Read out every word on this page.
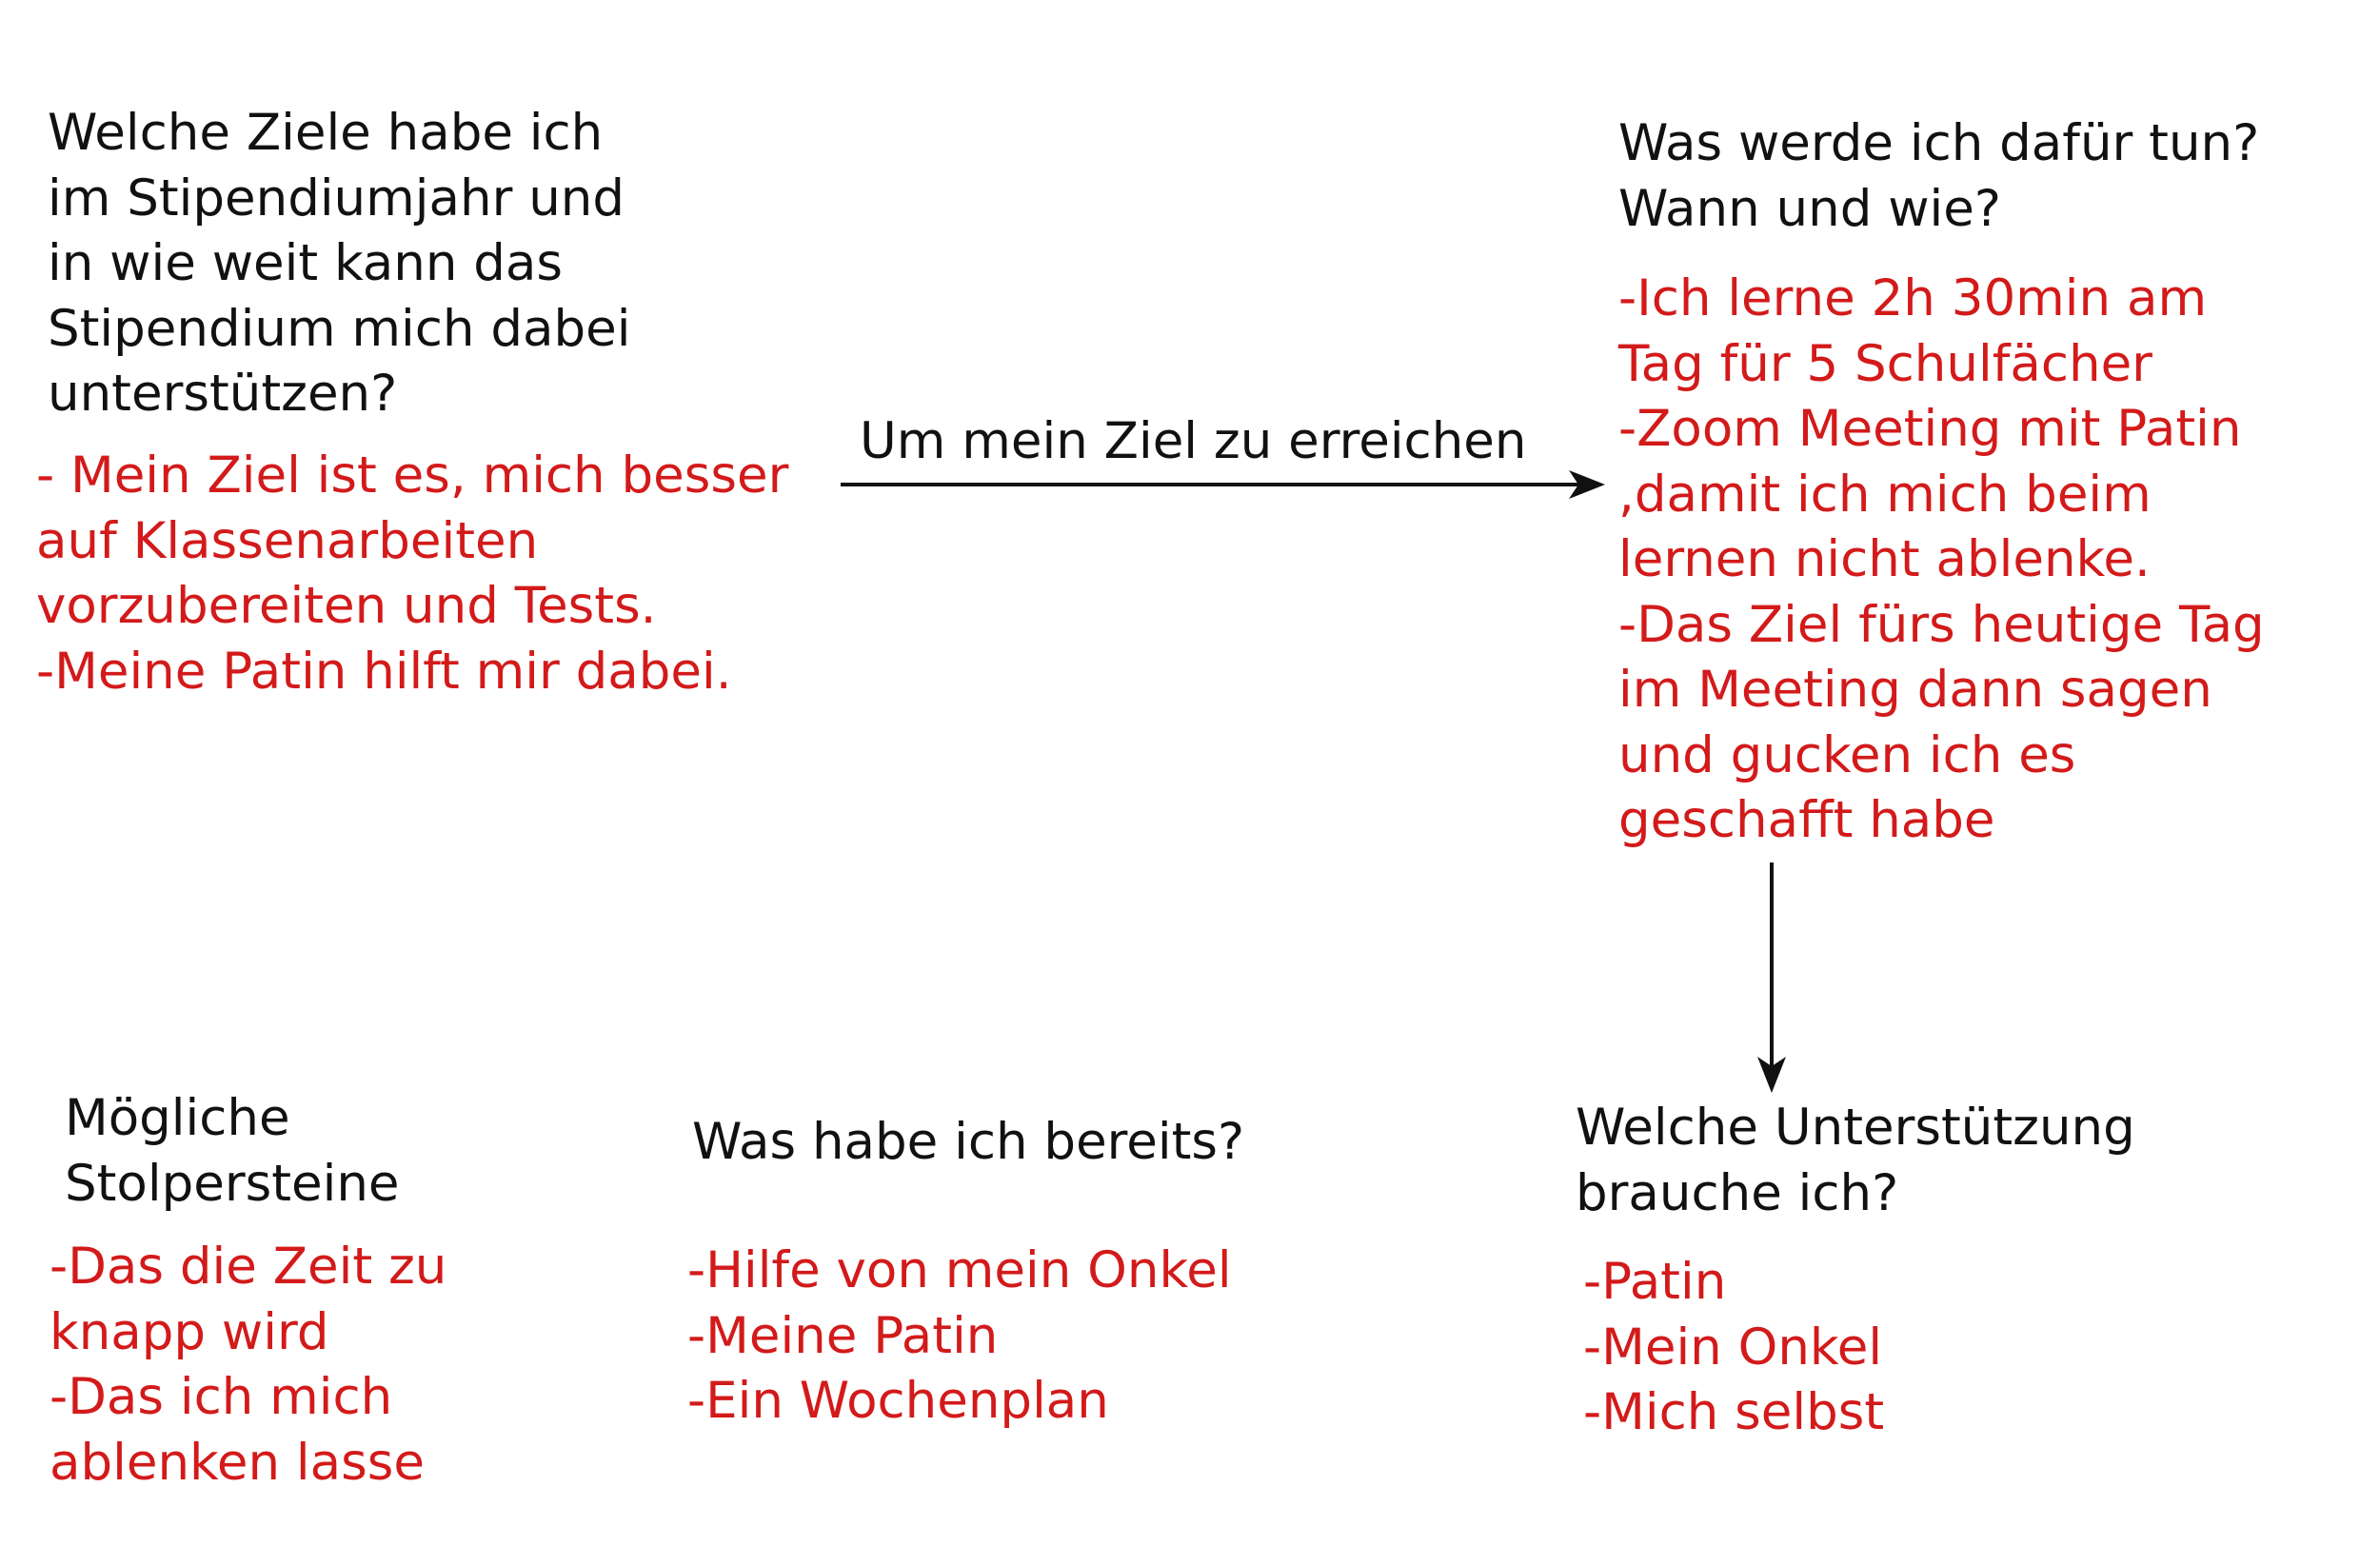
Welche Ziele habe ich
im Stipendiumjahr und
in wie weit kann das
Stipendium mich dabei
unterstützen?
- Mein Ziel ist es, mich besser
auf Klassenarbeiten
vorzubereiten und Tests.
-Meine Patin hilft mir dabei.
Um mein Ziel zu erreichen
Was werde ich dafür tun?
Wann und wie?
-Ich lerne 2h 30min am
Tag für 5 Schulfächer
-Zoom Meeting mit Patin
,damit ich mich beim
lernen nicht ablenke.
-Das Ziel fürs heutige Tag
im Meeting dann sagen
und gucken ich es
geschafft habe
Mögliche
Stolpersteine
-Das die Zeit zu
knapp wird
-Das ich mich
ablenken lasse
Was habe ich bereits?
-Hilfe von mein Onkel
-Meine Patin
-Ein Wochenplan
Welche Unterstützung
brauche ich?
-Patin
-Mein Onkel
-Mich selbst
